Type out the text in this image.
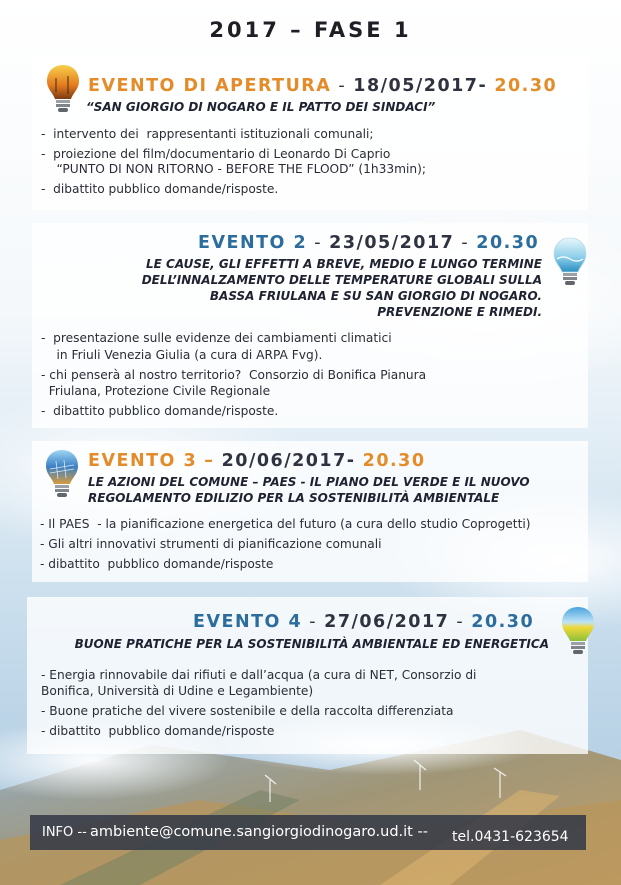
2017 – FASE 1
EVENTO DI APERTURA - 18/05/2017- 20.30
“SAN GIORGIO DI NOGARO E IL PATTO DEI SINDACI”
-  intervento dei  rappresentanti istituzionali comunali;
-  proiezione del film/documentario di Leonardo Di Caprio
“PUNTO DI NON RITORNO - BEFORE THE FLOOD” (1h33min);
-  dibattito pubblico domande/risposte.
EVENTO 2 - 23/05/2017 - 20.30
LE CAUSE, GLI EFFETTI A BREVE, MEDIO E LUNGO TERMINE
DELL’INNALZAMENTO DELLE TEMPERATURE GLOBALI SULLA
BASSA FRIULANA E SU SAN GIORGIO DI NOGARO.
PREVENZIONE E RIMEDI.
-  presentazione sulle evidenze dei cambiamenti climatici
in Friuli Venezia Giulia (a cura di ARPA Fvg).
- chi penserà al nostro territorio?  Consorzio di Bonifica Pianura
Friulana, Protezione Civile Regionale
-  dibattito pubblico domande/risposte.
EVENTO 3 – 20/06/2017- 20.30
LE AZIONI DEL COMUNE – PAES - IL PIANO DEL VERDE E IL NUOVO
REGOLAMENTO EDILIZIO PER LA SOSTENIBILITÀ AMBIENTALE
- Il PAES  - la pianificazione energetica del futuro (a cura dello studio Coprogetti)
- Gli altri innovativi strumenti di pianificazione comunali
- dibattito  pubblico domande/risposte
EVENTO 4 - 27/06/2017 - 20.30
BUONE PRATICHE PER LA SOSTENIBILITÀ AMBIENTALE ED ENERGETICA
- Energia rinnovabile dai rifiuti e dall’acqua (a cura di NET, Consorzio di
Bonifica, Università di Udine e Legambiente)
- Buone pratiche del vivere sostenibile e della raccolta differenziata
- dibattito  pubblico domande/risposte
INFO -- ambiente@comune.sangiorgiodinogaro.ud.it -- tel.0431-623654
